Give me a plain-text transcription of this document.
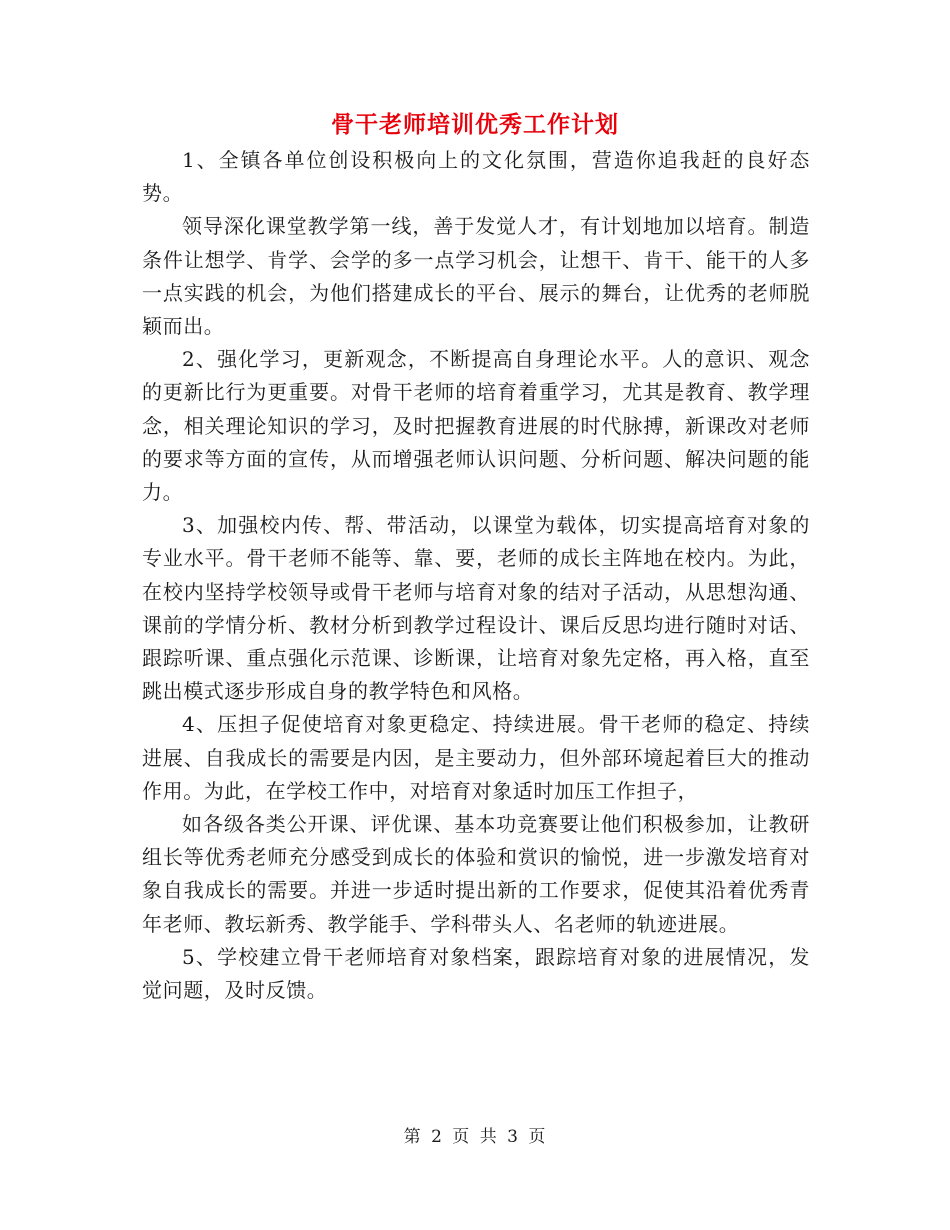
骨干老师培训优秀工作计划

1、全镇各单位创设积极向上的文化氛围，营造你追我赶的良好态势。

领导深化课堂教学第一线，善于发觉人才，有计划地加以培育。制造条件让想学、肯学、会学的多一点学习机会，让想干、肯干、能干的人多一点实践的机会，为他们搭建成长的平台、展示的舞台，让优秀的老师脱颖而出。

2、强化学习，更新观念，不断提高自身理论水平。人的意识、观念的更新比行为更重要。对骨干老师的培育着重学习，尤其是教育、教学理念，相关理论知识的学习，及时把握教育进展的时代脉搏，新课改对老师的要求等方面的宣传，从而增强老师认识问题、分析问题、解决问题的能力。

3、加强校内传、帮、带活动，以课堂为载体，切实提高培育对象的专业水平。骨干老师不能等、靠、要，老师的成长主阵地在校内。为此，在校内坚持学校领导或骨干老师与培育对象的结对子活动，从思想沟通、课前的学情分析、教材分析到教学过程设计、课后反思均进行随时对话、跟踪听课、重点强化示范课、诊断课，让培育对象先定格，再入格，直至跳出模式逐步形成自身的教学特色和风格。

4、压担子促使培育对象更稳定、持续进展。骨干老师的稳定、持续进展、自我成长的需要是内因，是主要动力，但外部环境起着巨大的推动作用。为此，在学校工作中，对培育对象适时加压工作担子，

如各级各类公开课、评优课、基本功竞赛要让他们积极参加，让教研组长等优秀老师充分感受到成长的体验和赏识的愉悦，进一步激发培育对象自我成长的需要。并进一步适时提出新的工作要求，促使其沿着优秀青年老师、教坛新秀、教学能手、学科带头人、名老师的轨迹进展。

5、学校建立骨干老师培育对象档案，跟踪培育对象的进展情况，发觉问题，及时反馈。

第 2 页 共 3 页
